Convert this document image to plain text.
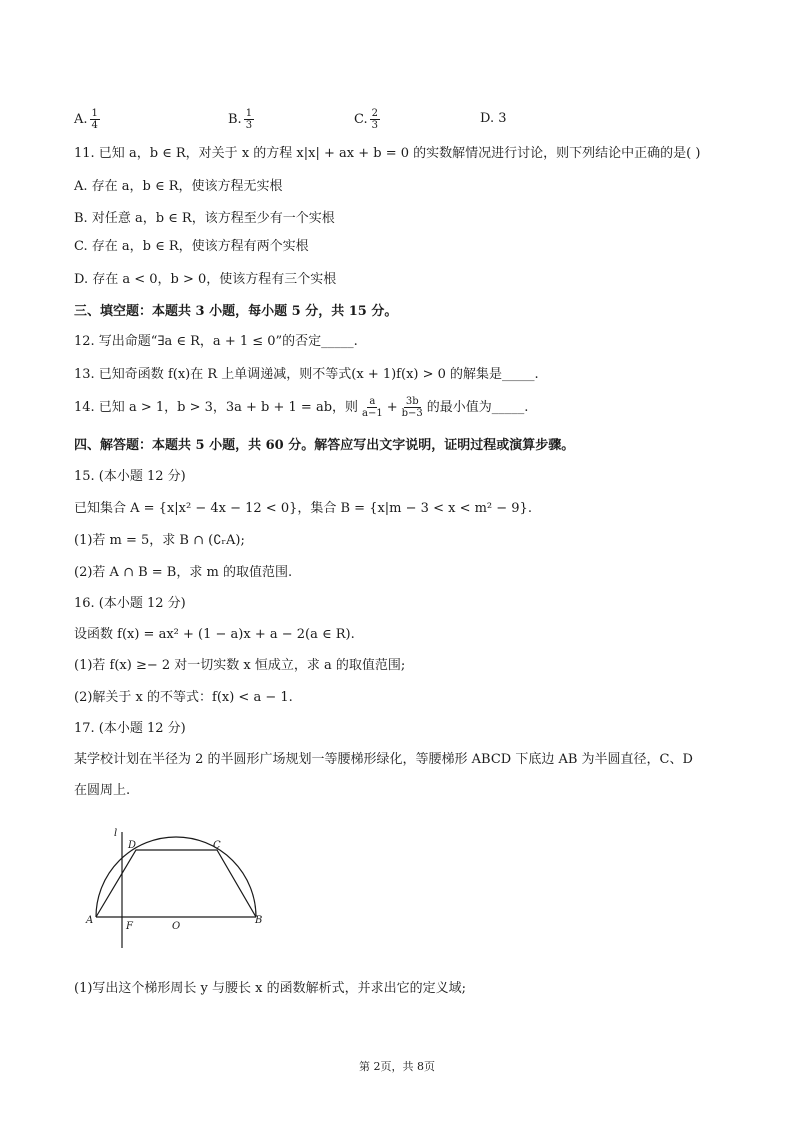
A. $\frac{1}{4}$	B. $\frac{1}{3}$	C. $\frac{2}{3}$	D. 3
11. 已知 a，b ∈ R，对关于 x 的方程 x|x| + ax + b = 0 的实数解情况进行讨论，则下列结论中正确的是( )
A. 存在 a，b ∈ R，使该方程无实根
B. 对任意 a，b ∈ R，该方程至少有一个实根
C. 存在 a，b ∈ R，使该方程有两个实根
D. 存在 a < 0，b > 0，使该方程有三个实根
三、填空题：本题共 3 小题，每小题 5 分，共 15 分。
12. 写出命题“∃a ∈ R，a + 1 ≤ 0”的否定_____.
13. 已知奇函数 f(x)在 R 上单调递减，则不等式(x + 1)f(x) > 0 的解集是_____.
14. 已知 a > 1，b > 3，3a + b + 1 = ab，则 $\frac{a}{a-1} + \frac{3b}{b-3}$ 的最小值为_____.
四、解答题：本题共 5 小题，共 60 分。解答应写出文字说明，证明过程或演算步骤。
15. (本小题 12 分)
已知集合 A = {x|x² − 4x − 12 < 0}，集合 B = {x|m − 3 < x < m² − 9}.
(1)若 m = 5，求 B ∩ (∁ᵣA);
(2)若 A ∩ B = B，求 m 的取值范围.
16. (本小题 12 分)
设函数 f(x) = ax² + (1 − a)x + a − 2(a ∈ R).
(1)若 f(x) ≥− 2 对一切实数 x 恒成立，求 a 的取值范围;
(2)解关于 x 的不等式：f(x) < a − 1.
17. (本小题 12 分)
某学校计划在半径为 2 的半圆形广场规划一等腰梯形绿化，等腰梯形 ABCD 下底边 AB 为半圆直径，C、D
在圆周上.
l
D	C
A	B
F	O
(1)写出这个梯形周长 y 与腰长 x 的函数解析式，并求出它的定义域;
第 2页，共 8页
